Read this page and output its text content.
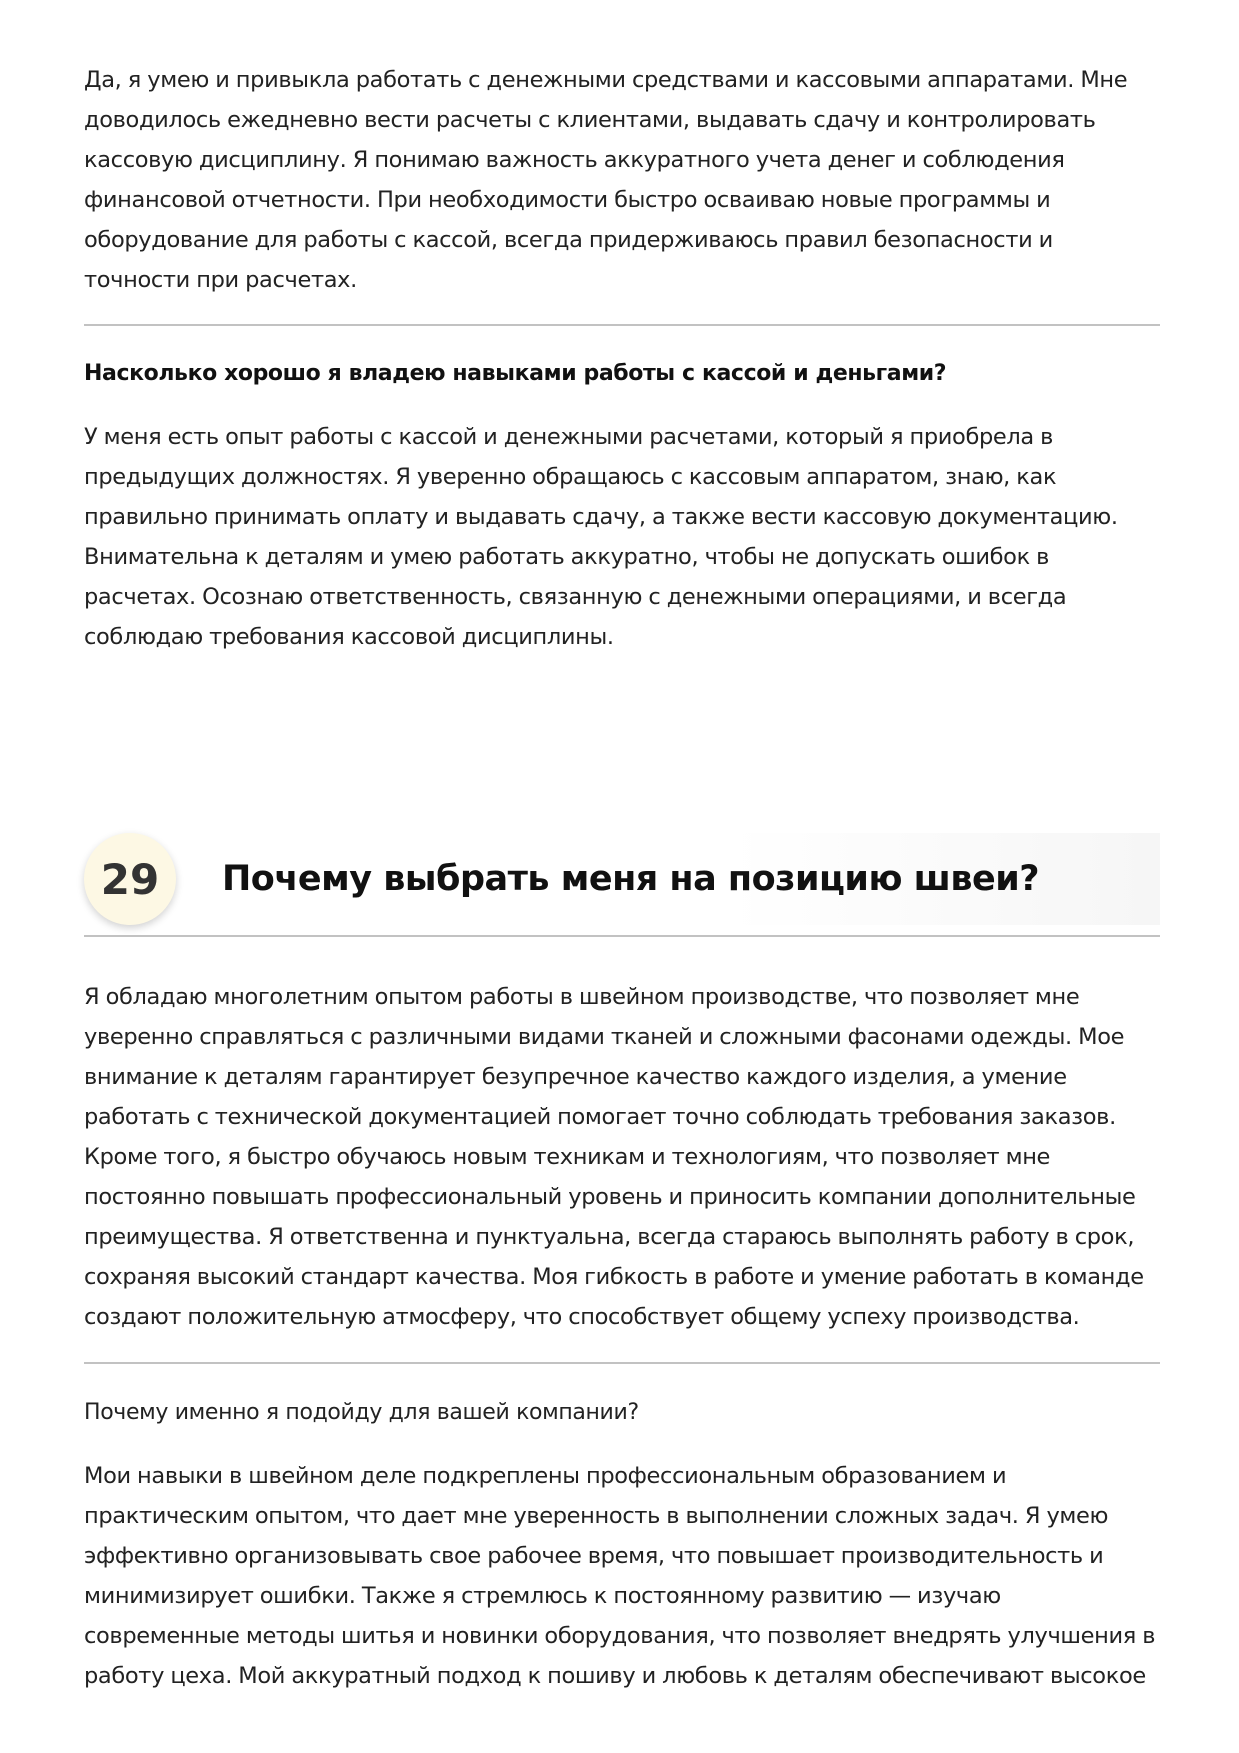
Да, я умею и привыкла работать с денежными средствами и кассовыми аппаратами. Мне доводилось ежедневно вести расчеты с клиентами, выдавать сдачу и контролировать кассовую дисциплину. Я понимаю важность аккуратного учета денег и соблюдения финансовой отчетности. При необходимости быстро осваиваю новые программы и оборудование для работы с кассой, всегда придерживаюсь правил безопасности и точности при расчетах.

Насколько хорошо я владею навыками работы с кассой и деньгами?

У меня есть опыт работы с кассой и денежными расчетами, который я приобрела в предыдущих должностях. Я уверенно обращаюсь с кассовым аппаратом, знаю, как правильно принимать оплату и выдавать сдачу, а также вести кассовую документацию. Внимательна к деталям и умею работать аккуратно, чтобы не допускать ошибок в расчетах. Осознаю ответственность, связанную с денежными операциями, и всегда соблюдаю требования кассовой дисциплины.

29	Почему выбрать меня на позицию швеи?

Я обладаю многолетним опытом работы в швейном производстве, что позволяет мне уверенно справляться с различными видами тканей и сложными фасонами одежды. Мое внимание к деталям гарантирует безупречное качество каждого изделия, а умение работать с технической документацией помогает точно соблюдать требования заказов. Кроме того, я быстро обучаюсь новым техникам и технологиям, что позволяет мне постоянно повышать профессиональный уровень и приносить компании дополнительные преимущества. Я ответственна и пунктуальна, всегда стараюсь выполнять работу в срок, сохраняя высокий стандарт качества. Моя гибкость в работе и умение работать в команде создают положительную атмосферу, что способствует общему успеху производства.

Почему именно я подойду для вашей компании?

Мои навыки в швейном деле подкреплены профессиональным образованием и практическим опытом, что дает мне уверенность в выполнении сложных задач. Я умею эффективно организовывать свое рабочее время, что повышает производительность и минимизирует ошибки. Также я стремлюсь к постоянному развитию — изучаю современные методы шитья и новинки оборудования, что позволяет внедрять улучшения в работу цеха. Мой аккуратный подход к пошиву и любовь к деталям обеспечивают высокое
